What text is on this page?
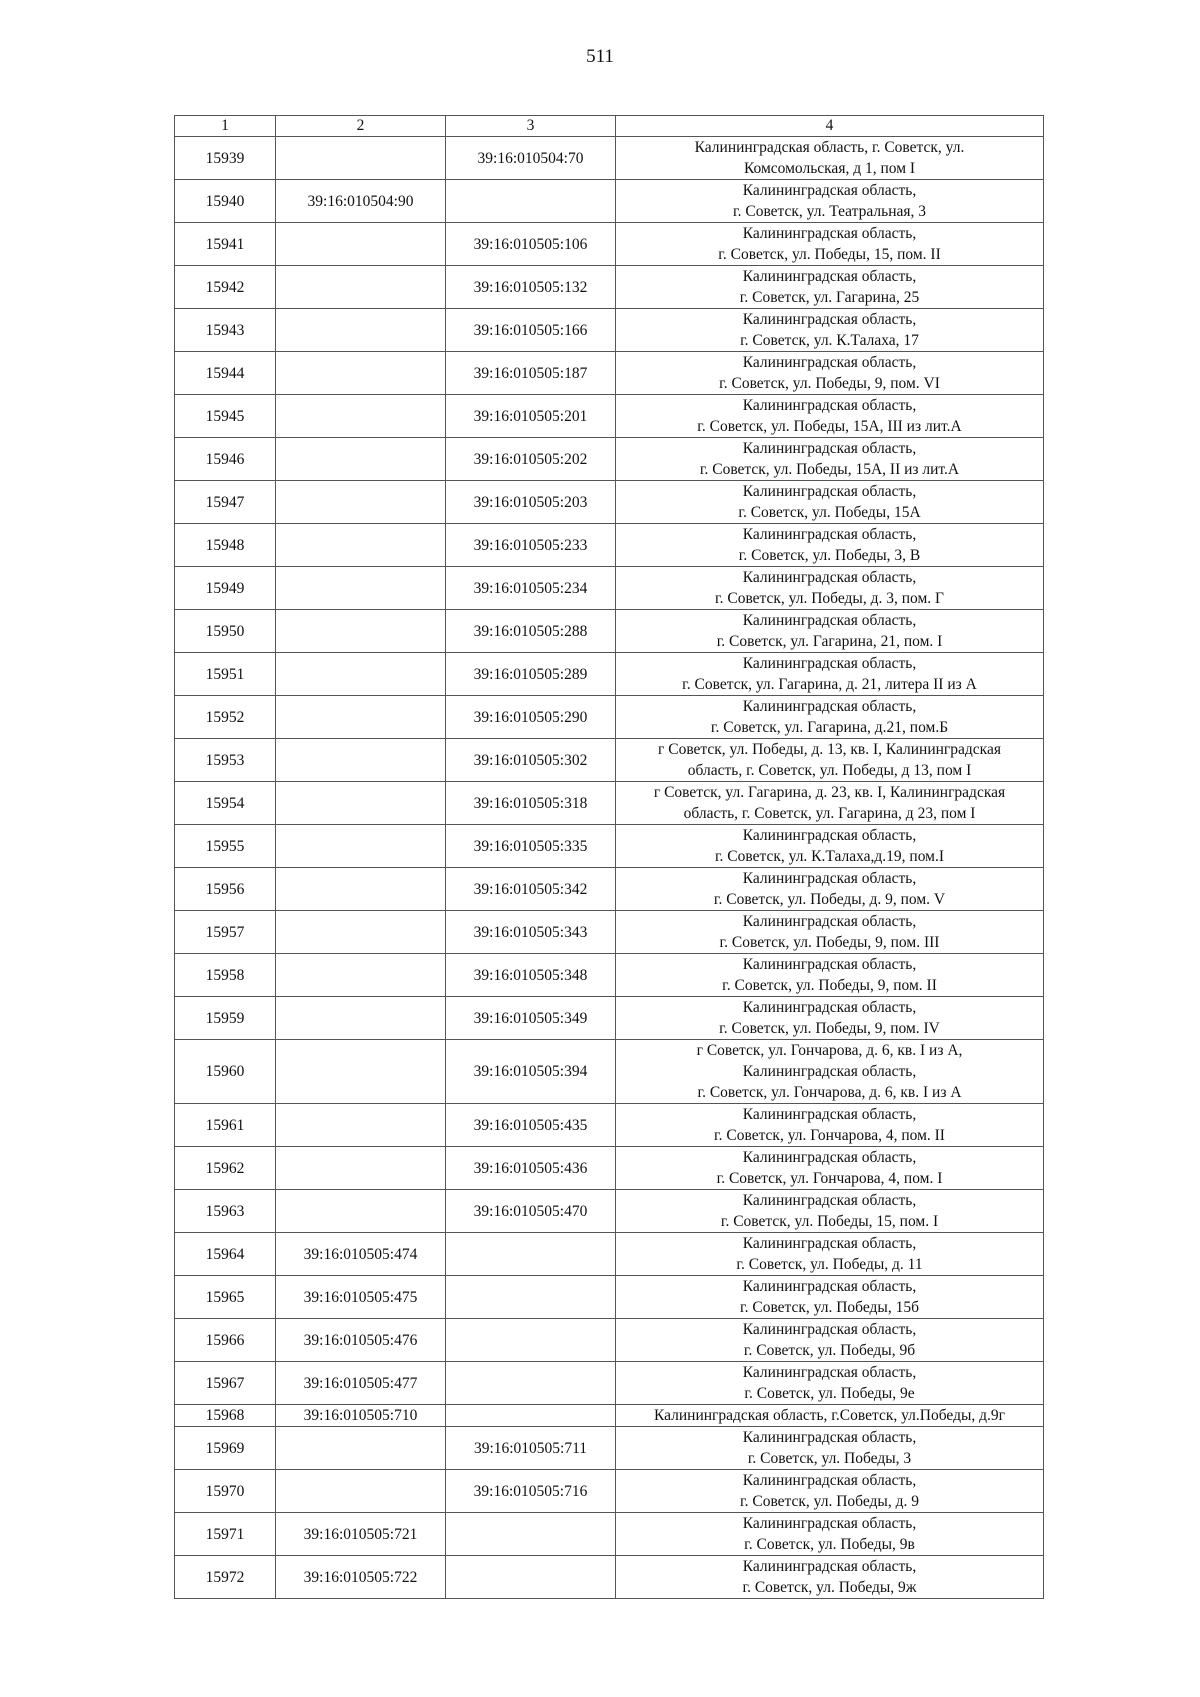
511
1	2	3	4
15939		39:16:010504:70	Калининградская область, г. Советск, ул.
Комсомольская, д 1, пом I
15940	39:16:010504:90		Калининградская область,
г. Советск, ул. Театральная, 3
15941		39:16:010505:106	Калининградская область,
г. Советск, ул. Победы, 15, пом. II
15942		39:16:010505:132	Калининградская область,
г. Советск, ул. Гагарина, 25
15943		39:16:010505:166	Калининградская область,
г. Советск, ул. К.Талаха, 17
15944		39:16:010505:187	Калининградская область,
г. Советск, ул. Победы, 9, пом. VI
15945		39:16:010505:201	Калининградская область,
г. Советск, ул. Победы, 15А, III из лит.А
15946		39:16:010505:202	Калининградская область,
г. Советск, ул. Победы, 15А, II из лит.А
15947		39:16:010505:203	Калининградская область,
г. Советск, ул. Победы, 15А
15948		39:16:010505:233	Калининградская область,
г. Советск, ул. Победы, 3, В
15949		39:16:010505:234	Калининградская область,
г. Советск, ул. Победы, д. 3, пом. Г
15950		39:16:010505:288	Калининградская область,
г. Советск, ул. Гагарина, 21, пом. I
15951		39:16:010505:289	Калининградская область,
г. Советск, ул. Гагарина, д. 21, литера II из А
15952		39:16:010505:290	Калининградская область,
г. Советск, ул. Гагарина, д.21, пом.Б
15953		39:16:010505:302	г Советск, ул. Победы, д. 13, кв. I, Калининградская
область, г. Советск, ул. Победы, д 13, пом I
15954		39:16:010505:318	г Советск, ул. Гагарина, д. 23, кв. I, Калининградская
область, г. Советск, ул. Гагарина, д 23, пом I
15955		39:16:010505:335	Калининградская область,
г. Советск, ул. К.Талаха,д.19, пом.I
15956		39:16:010505:342	Калининградская область,
г. Советск, ул. Победы, д. 9, пом. V
15957		39:16:010505:343	Калининградская область,
г. Советск, ул. Победы, 9, пом. III
15958		39:16:010505:348	Калининградская область,
г. Советск, ул. Победы, 9, пом. II
15959		39:16:010505:349	Калининградская область,
г. Советск, ул. Победы, 9, пом. IV
15960		39:16:010505:394	г Советск, ул. Гончарова, д. 6, кв. I из А,
Калининградская область,
г. Советск, ул. Гончарова, д. 6, кв. I из А
15961		39:16:010505:435	Калининградская область,
г. Советск, ул. Гончарова, 4, пом. II
15962		39:16:010505:436	Калининградская область,
г. Советск, ул. Гончарова, 4, пом. I
15963		39:16:010505:470	Калининградская область,
г. Советск, ул. Победы, 15, пом. I
15964	39:16:010505:474		Калининградская область,
г. Советск, ул. Победы, д. 11
15965	39:16:010505:475		Калининградская область,
г. Советск, ул. Победы, 15б
15966	39:16:010505:476		Калининградская область,
г. Советск, ул. Победы, 9б
15967	39:16:010505:477		Калининградская область,
г. Советск, ул. Победы, 9е
15968	39:16:010505:710		Калининградская область, г.Советск, ул.Победы, д.9г
15969		39:16:010505:711	Калининградская область,
г. Советск, ул. Победы, 3
15970		39:16:010505:716	Калининградская область,
г. Советск, ул. Победы, д. 9
15971	39:16:010505:721		Калининградская область,
г. Советск, ул. Победы, 9в
15972	39:16:010505:722		Калининградская область,
г. Советск, ул. Победы, 9ж
